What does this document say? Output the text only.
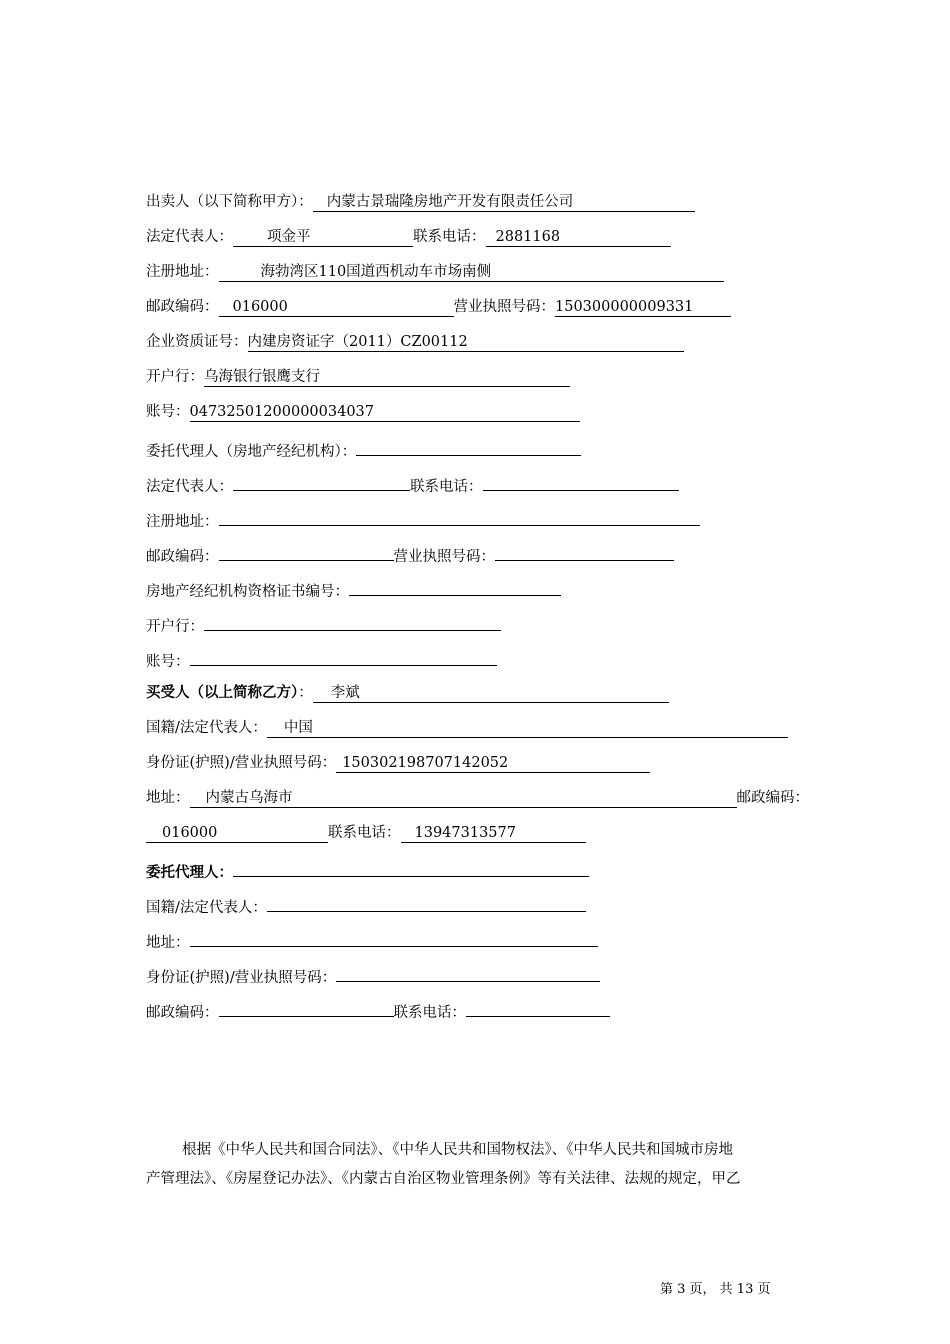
出卖人（以下简称甲方）： 内蒙古景瑞隆房地产开发有限责任公司
法定代表人： 项金平	联系电话： 2881168
注册地址：	海勃湾区110国道西机动车市场南侧
邮政编码： 016000	营业执照号码：150300000009331
企业资质证号：内建房资证字（2011）CZ00112
开户行：乌海银行银鹰支行
账号：04732501200000034037
委托代理人（房地产经纪机构）：
法定代表人：	联系电话：
注册地址：
邮政编码：	营业执照号码：
房地产经纪机构资格证书编号：
开户行：
账号：
买受人（以上简称乙方）： 李斌
国籍/法定代表人： 中国
身份证(护照)/营业执照号码： 150302198707142052
地址： 内蒙古乌海市	邮政编码：
016000	联系电话： 13947313577
委托代理人：
国籍/法定代表人：
地址：
身份证(护照)/营业执照号码：
邮政编码：	联系电话：

根据《中华人民共和国合同法》、《中华人民共和国物权法》、《中华人民共和国城市房地

产管理法》、《房屋登记办法》、《内蒙古自治区物业管理条例》等有关法律、法规的规定，甲乙

第 3 页， 共 13 页
